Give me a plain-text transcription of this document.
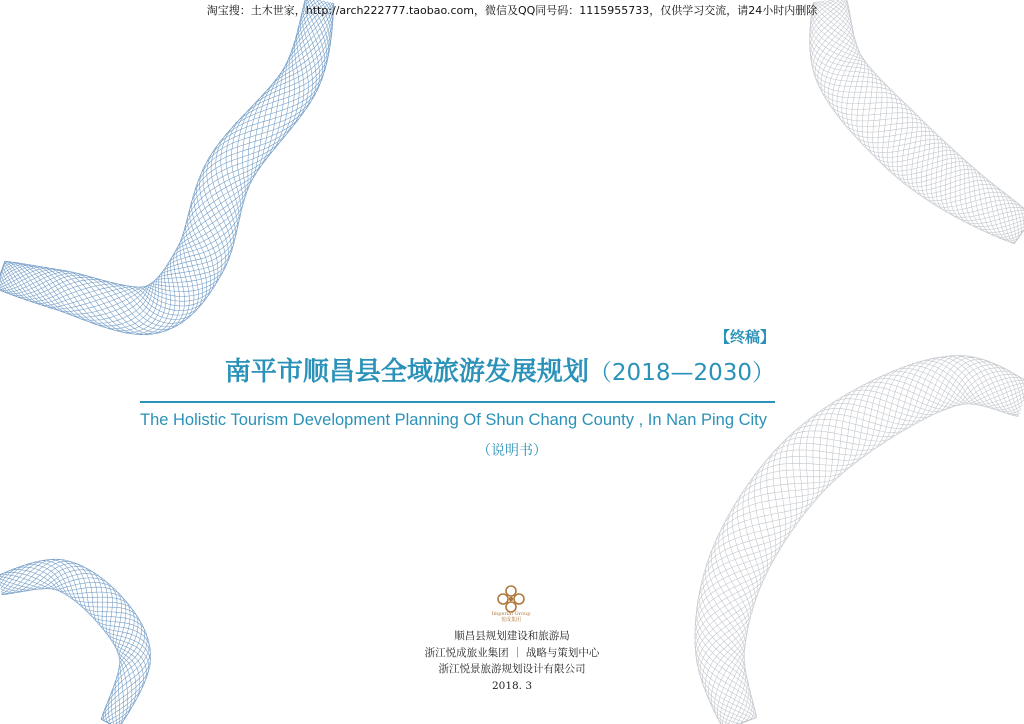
淘宝搜：土木世家，http://arch222777.taobao.com，微信及QQ同号码：1115955733，仅供学习交流，请24小时内删除
【终稿】
南平市顺昌县全域旅游发展规划（2018—2030）
The Holistic Tourism Development Planning Of Shun Chang County , In Nan Ping City
（说明书）
Imperial Group
悦成集团
顺昌县规划建设和旅游局
浙江悦成旅业集团 ｜ 战略与策划中心
浙江悦景旅游规划设计有限公司
2018. 3
